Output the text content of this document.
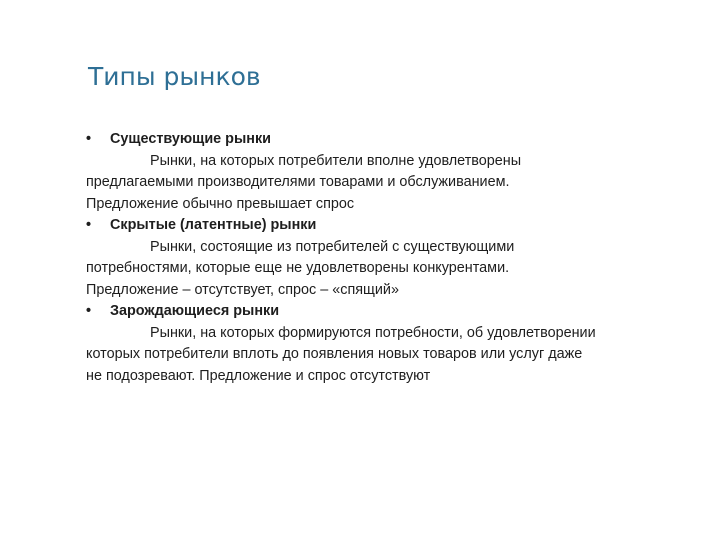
Типы рынков
•	Существующие рынки
Рынки, на которых потребители вполне удовлетворены
предлагаемыми производителями товарами и обслуживанием.
Предложение обычно превышает спрос
•	Скрытые (латентные) рынки
Рынки, состоящие из потребителей с существующими
потребностями, которые еще не удовлетворены конкурентами.
Предложение – отсутствует, спрос – «спящий»
•	Зарождающиеся рынки
Рынки, на которых формируются потребности, об удовлетворении
которых потребители вплоть до появления новых товаров или услуг даже
не подозревают. Предложение и спрос отсутствуют
